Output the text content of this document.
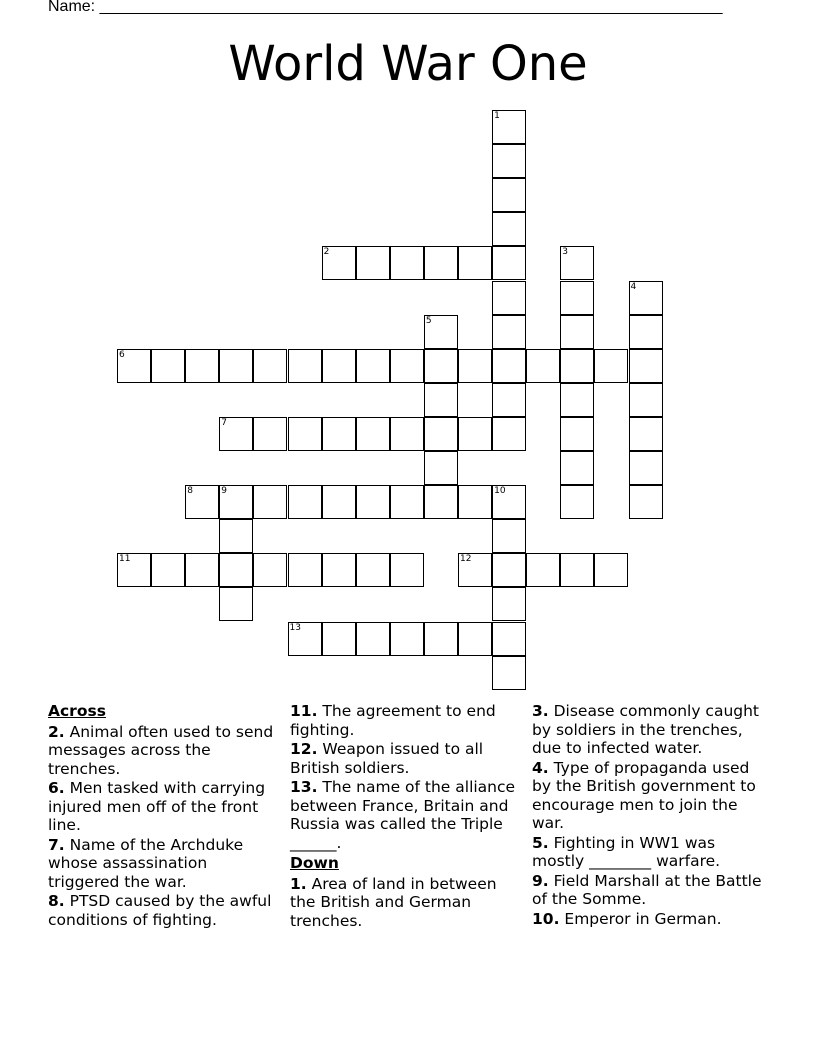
Name: ______________________________________________________________________
World War One
1
2	3
4
5
6
7
8	9	10
11	12
13
Across
2. Animal often used to send messages across the trenches.
6. Men tasked with carrying injured men off of the front line.
7. Name of the Archduke whose assassination triggered the war.
8. PTSD caused by the awful conditions of fighting.
11. The agreement to end fighting.
12. Weapon issued to all British soldiers.
13. The name of the alliance between France, Britain and Russia was called the Triple ______.
Down
1. Area of land in between the British and German trenches.
3. Disease commonly caught by soldiers in the trenches, due to infected water.
4. Type of propaganda used by the British government to encourage men to join the war.
5. Fighting in WW1 was mostly ________ warfare.
9. Field Marshall at the Battle of the Somme.
10. Emperor in German.
